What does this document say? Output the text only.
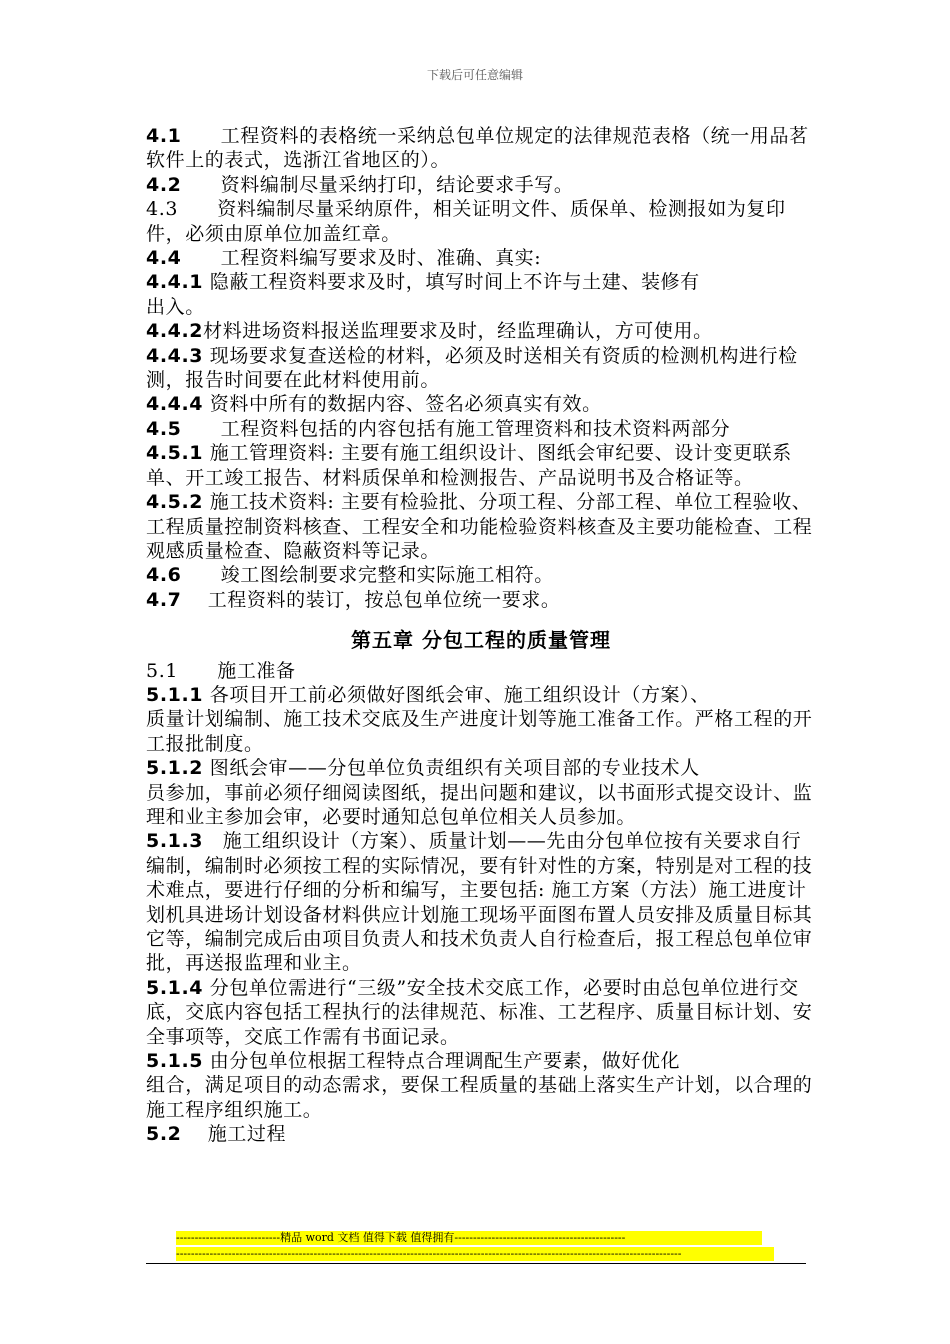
下载后可任意编辑

4.1　　工程资料的表格统一采纳总包单位规定的法律规范表格（统一用品茗软件上的表式，选浙江省地区的）。

4.2　　资料编制尽量采纳打印，结论要求手写。

4.3　　资料编制尽量采纳原件，相关证明文件、质保单、检测报如为复印件，必须由原单位加盖红章。

4.4　　工程资料编写要求及时、准确、真实:

4.4.1 隐蔽工程资料要求及时，填写时间上不许与土建、装修有
出入。

4.4.2材料进场资料报送监理要求及时，经监理确认，方可使用。

4.4.3 现场要求复查送检的材料，必须及时送相关有资质的检测机构进行检测，报告时间要在此材料使用前。

4.4.4 资料中所有的数据内容、签名必须真实有效。

4.5　　工程资料包括的内容包括有施工管理资料和技术资料两部分

4.5.1 施工管理资料: 主要有施工组织设计、图纸会审纪要、设计变更联系单、开工竣工报告、材料质保单和检测报告、产品说明书及合格证等。

4.5.2 施工技术资料: 主要有检验批、分项工程、分部工程、单位工程验收、工程质量控制资料核查、工程安全和功能检验资料核查及主要功能检查、工程观感质量检查、隐蔽资料等记录。

4.6　　竣工图绘制要求完整和实际施工相符。

4.7　 工程资料的装订，按总包单位统一要求。

第五章 分包工程的质量管理

5.1　　施工准备

5.1.1 各项目开工前必须做好图纸会审、施工组织设计（方案）、
质量计划编制、施工技术交底及生产进度计划等施工准备工作。严格工程的开工报批制度。

5.1.2 图纸会审——分包单位负责组织有关项目部的专业技术人
员参加，事前必须仔细阅读图纸，提出问题和建议，以书面形式提交设计、监理和业主参加会审，必要时通知总包单位相关人员参加。

5.1.3　施工组织设计（方案）、质量计划——先由分包单位按有关要求自行编制，编制时必须按工程的实际情况，要有针对性的方案，特别是对工程的技术难点，要进行仔细的分析和编写，主要包括: 施工方案（方法）施工进度计划机具进场计划设备材料供应计划施工现场平面图布置人员安排及质量目标其它等，编制完成后由项目负责人和技术负责人自行检查后，报工程总包单位审批，再送报监理和业主。

5.1.4 分包单位需进行“三级”安全技术交底工作，必要时由总包单位进行交底，交底内容包括工程执行的法律规范、标准、工艺程序、质量目标计划、安全事项等，交底工作需有书面记录。

5.1.5 由分包单位根据工程特点合理调配生产要素，做好优化
组合，满足项目的动态需求，要保工程质量的基础上落实生产计划，以合理的施工程序组织施工。

5.2　 施工过程

----------------------------精品 word 文档 值得下载 值得拥有----------------------------------------------
----------------------------------------------------------------------------------------------------------------------------------------
